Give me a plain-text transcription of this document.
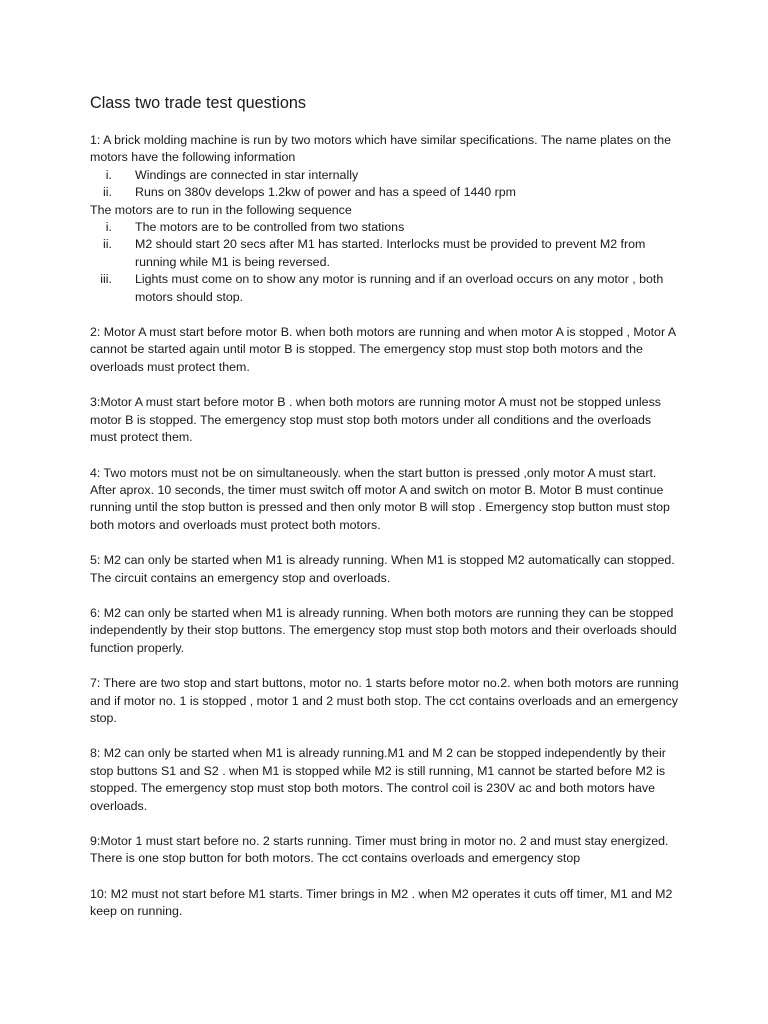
Class two trade test questions

1: A brick molding machine is run by two motors which have similar specifications. The name plates on the motors have the following information

i. Windings are connected in star internally
ii. Runs on 380v develops 1.2kw of power and has a speed of 1440 rpm

The motors are to run in the following sequence

i. The motors are to be controlled from two stations
ii. M2 should start 20 secs after M1 has started. Interlocks must be provided to prevent M2 from running while M1 is being reversed.
iii. Lights must come on to show any motor is running and if an overload occurs on any motor , both motors should stop.

2: Motor A must start before motor B. when both motors are running and when motor A is stopped , Motor A cannot be started again until motor B is stopped. The emergency stop must stop both motors and the overloads must protect them.

3:Motor A must start before motor B . when both motors are running motor A must not be stopped unless motor B is stopped. The emergency stop must stop both motors under all conditions and the overloads must protect them.

4: Two motors must not be on simultaneously. when the start button is pressed ,only motor A must start. After aprox. 10 seconds, the timer must switch off motor A and switch on motor B. Motor B must continue running until the stop button is pressed and then only motor B will stop . Emergency stop button must stop both motors and overloads must protect both motors.

5: M2 can only be started when M1 is already running. When M1 is stopped M2 automatically can stopped. The circuit contains an emergency stop and overloads.

6: M2 can only be started when M1 is already running. When both motors are running they can be stopped independently by their stop buttons. The emergency stop must stop both motors and their overloads should function properly.

7: There are two stop and start buttons, motor no. 1 starts before motor no.2. when both motors are running and if motor no. 1 is stopped , motor 1 and 2 must both stop. The cct contains overloads and an emergency stop.

8: M2 can only be started when M1 is already running.M1 and M 2 can be stopped independently by their stop buttons S1 and S2 . when M1 is stopped while M2 is still running, M1 cannot be started before M2 is stopped. The emergency stop must stop both motors. The control coil is 230V ac and both motors have overloads.

9:Motor 1 must start before no. 2 starts running. Timer must bring in motor no. 2 and must stay energized. There is one stop button for both motors. The cct contains overloads and emergency stop

10: M2 must not start before M1 starts. Timer brings in M2 . when M2 operates it cuts off timer, M1 and M2 keep on running.
